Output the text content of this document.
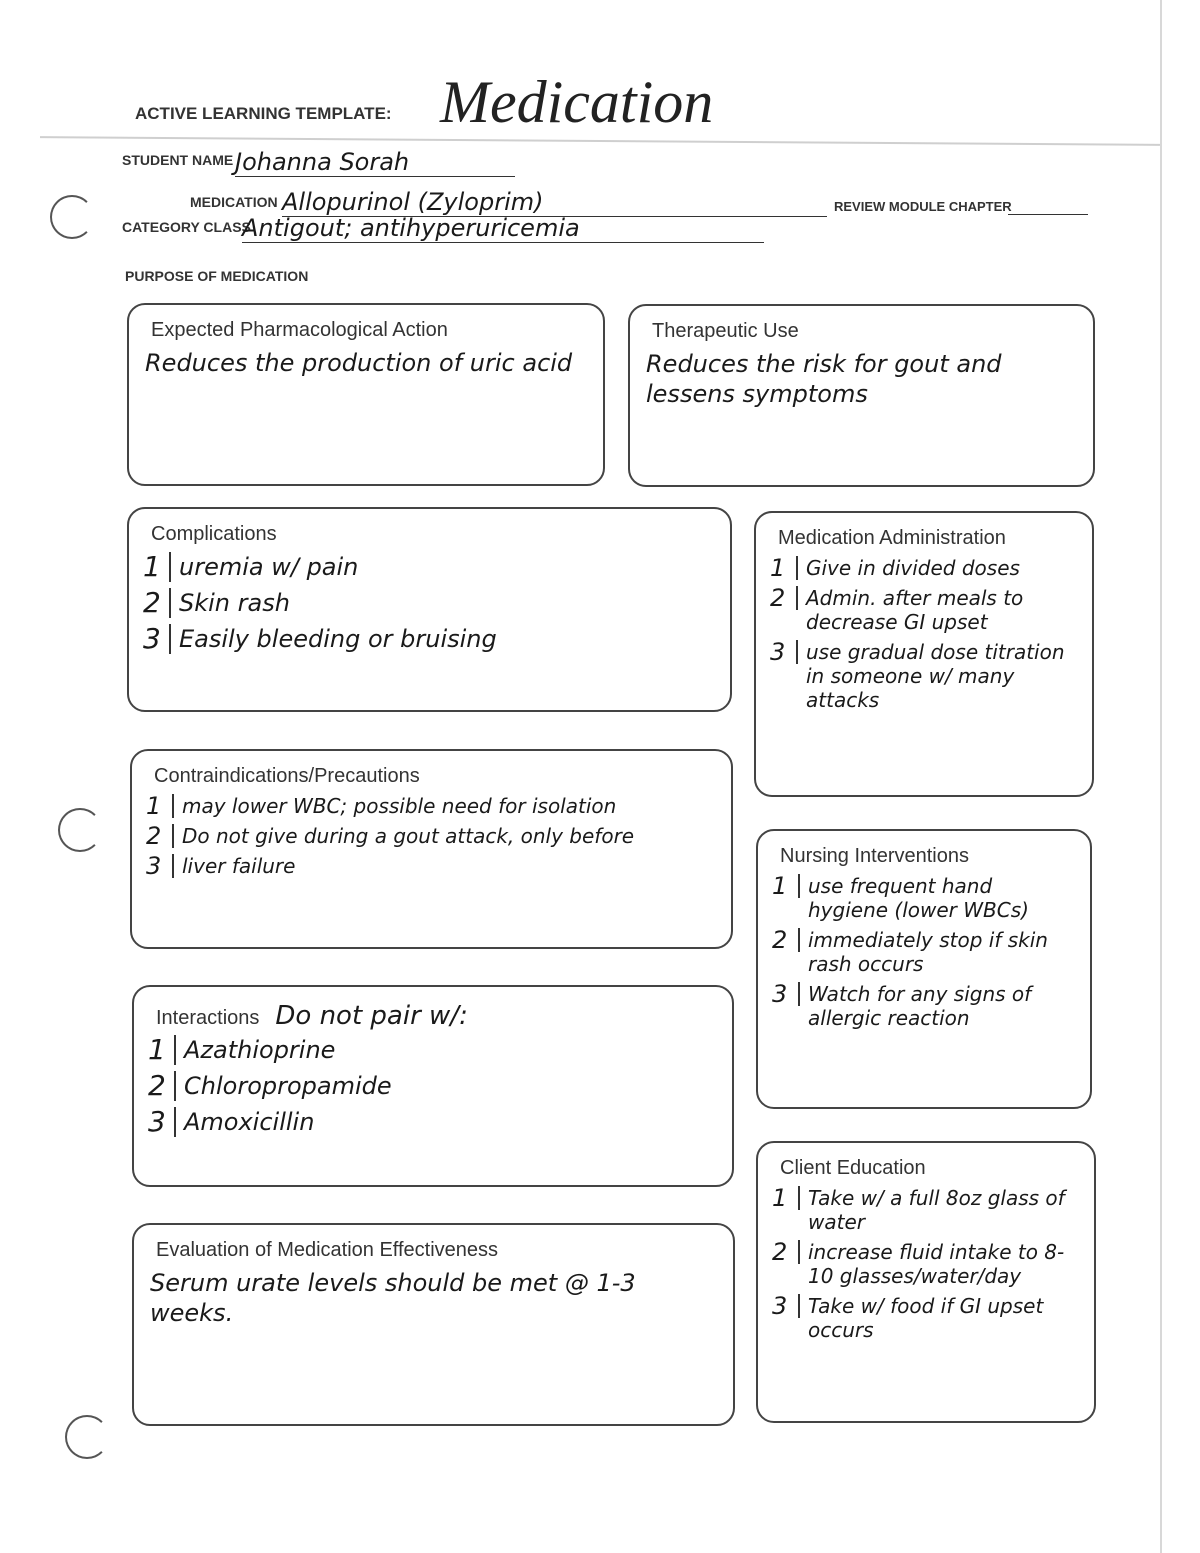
ACTIVE LEARNING TEMPLATE: Medication
STUDENT NAME Johanna Sorah
MEDICATION Allopurinol (Zyloprim)	REVIEW MODULE CHAPTER
CATEGORY CLASS
Antigout; antihyperuricemia
PURPOSE OF MEDICATION
Expected Pharmacological Action
Reduces the production of uric acid
Therapeutic Use
Reduces the risk for gout and lessens symptoms
Complications
1 uremia w/ pain
2 Skin rash
3 Easily bleeding or bruising
Medication Administration
1	Give in divided doses
2	Admin. after meals to decrease GI upset
3	use gradual dose titration in someone w/ many attacks
Contraindications/Precautions
1	may lower WBC; possible need for isolation
2	Do not give during a gout attack, only before
3	liver failure	Nursing Interventions
1	use frequent hand hygiene (lower WBCs)
2	immediately stop if skin rash occurs
3	Watch for any signs of allergic reaction
Interactions Do not pair w/:
1 Azathioprine
2 Chloropropamide
3 Amoxicillin
Client Education
1	Take w/ a full 8oz glass of water
2	increase fluid intake to 8-10 glasses/water/day
3	Take w/ food if GI upset occurs
Evaluation of Medication Effectiveness
Serum urate levels should be met @ 1-3 weeks.
